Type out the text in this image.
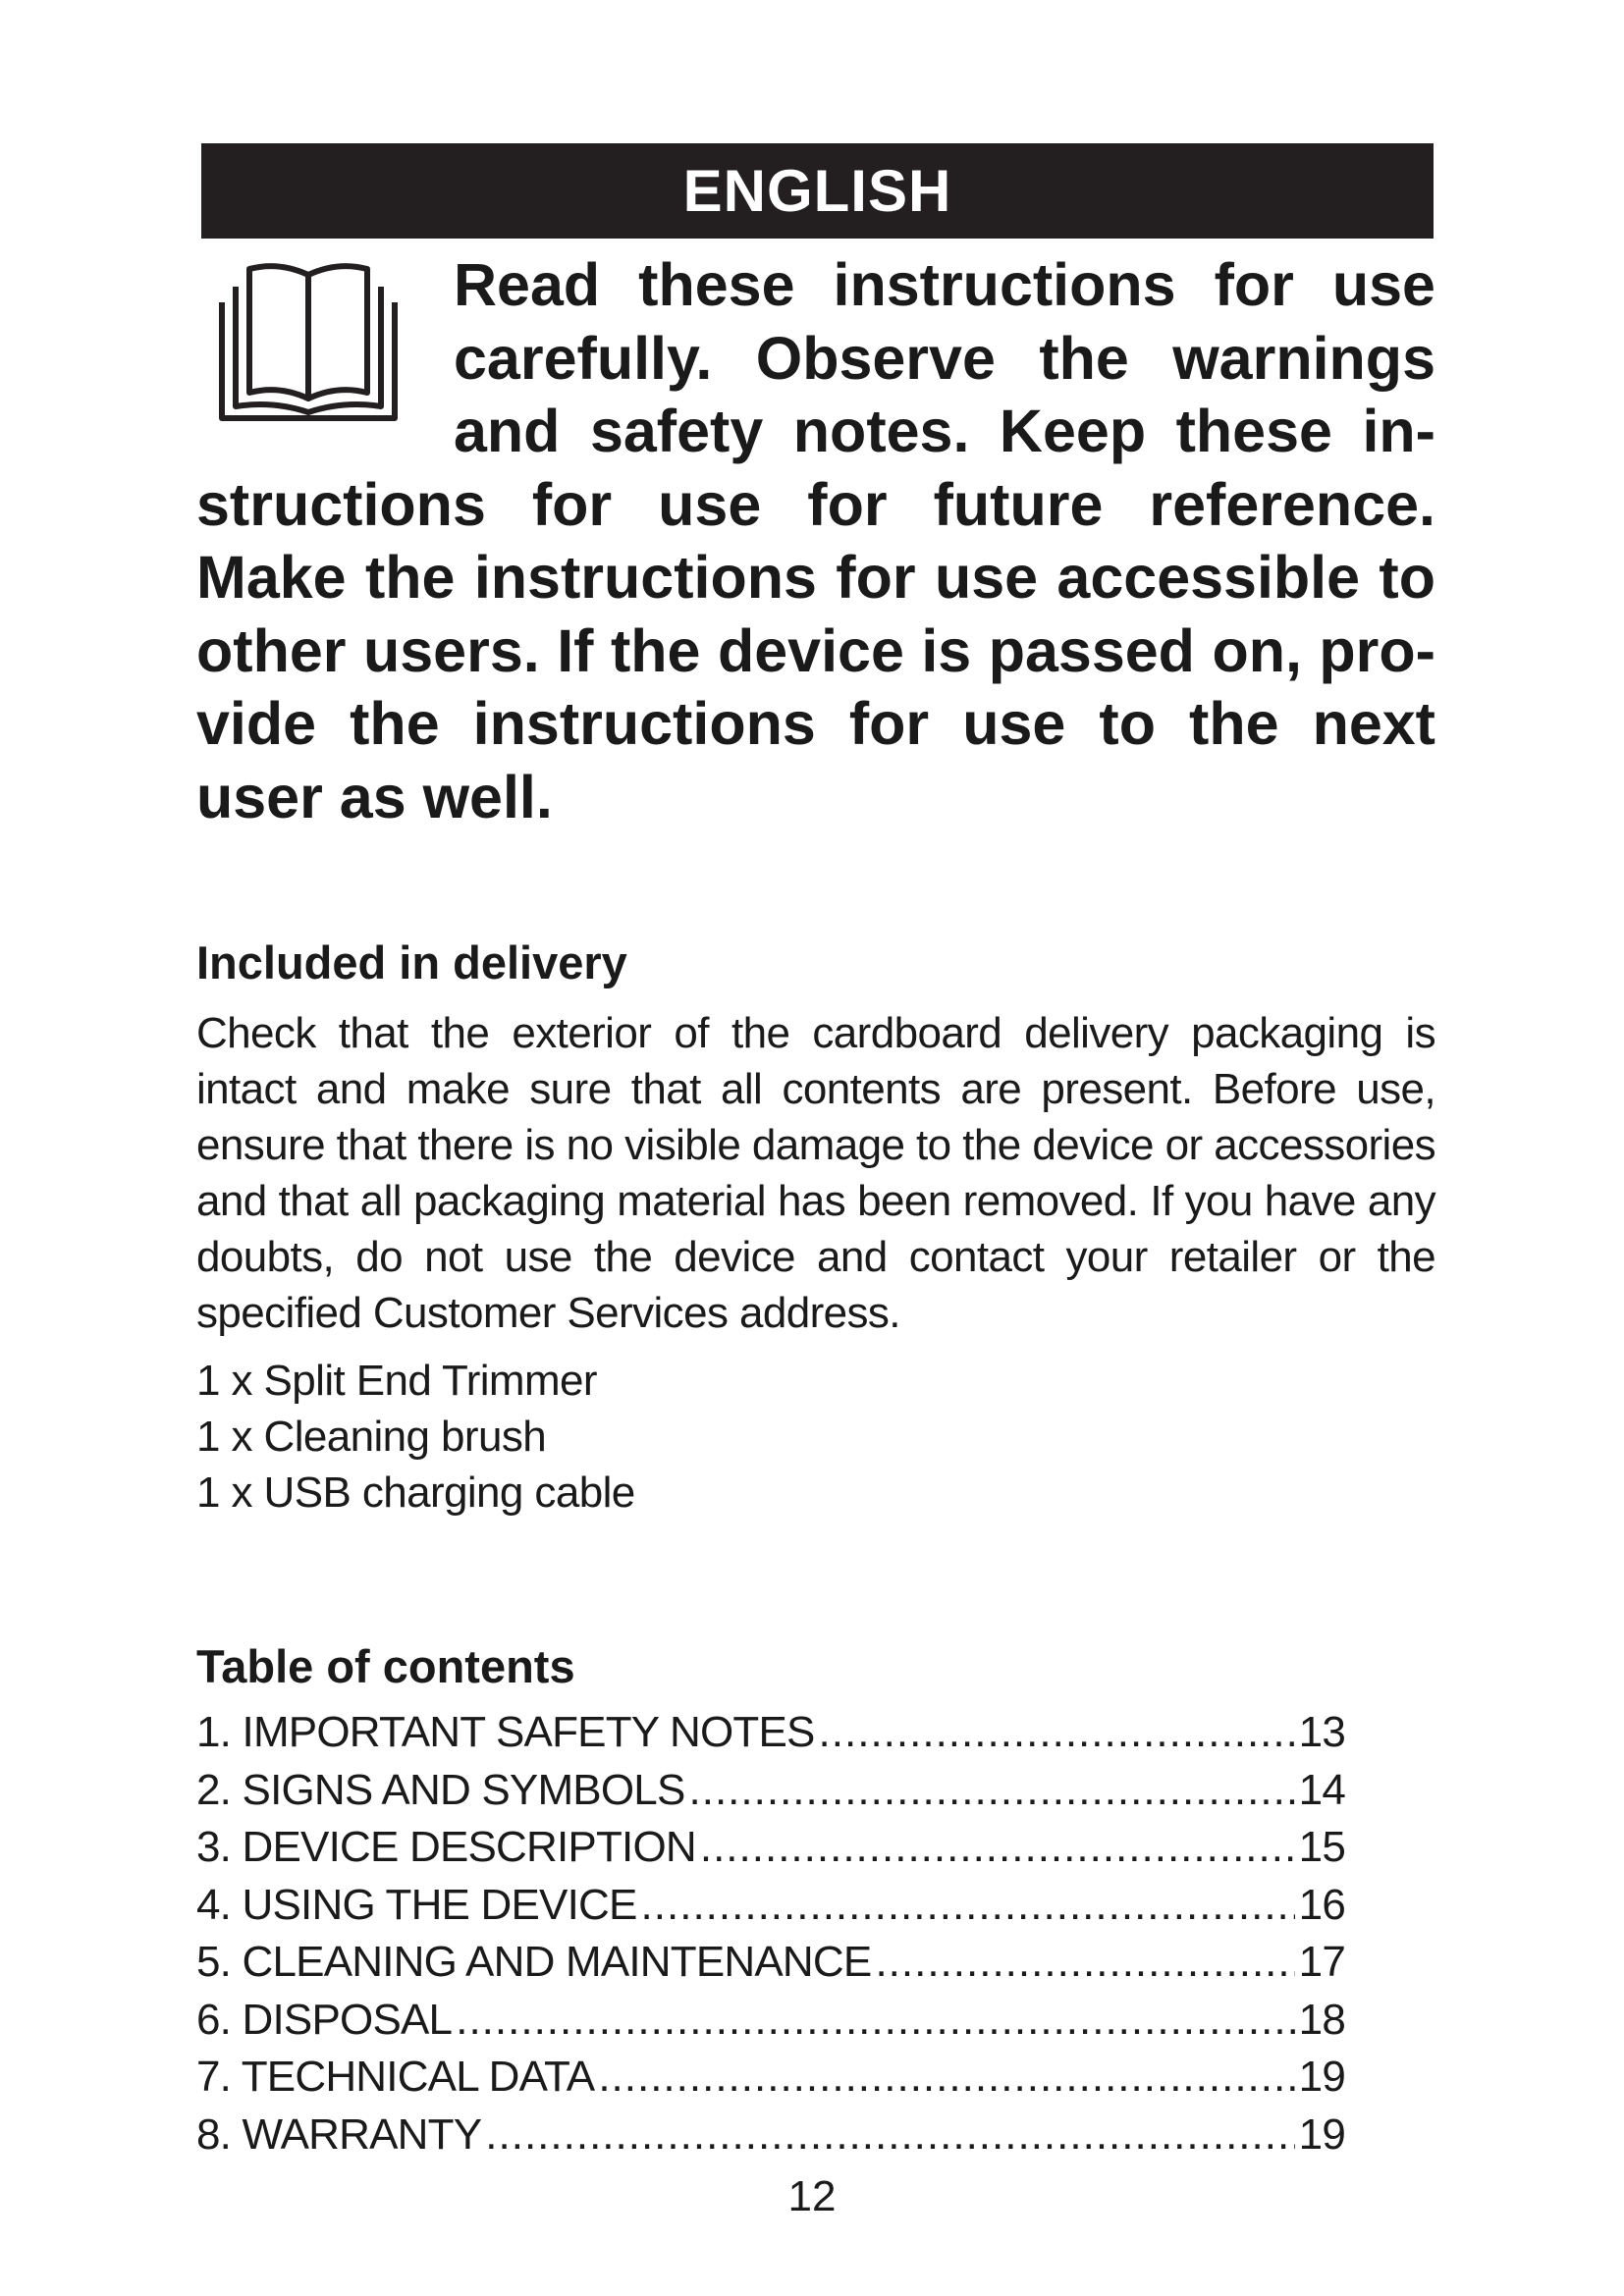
ENGLISH

Read these instructions for use carefully. Observe the warnings and safety notes. Keep these instructions for use for future reference. Make the instructions for use accessible to other users. If the device is passed on, provide the instructions for use to the next user as well.

Included in delivery

Check that the exterior of the cardboard delivery packaging is intact and make sure that all contents are present. Before use, ensure that there is no visible damage to the device or accessories and that all packaging material has been removed. If you have any doubts, do not use the device and contact your retailer or the specified Customer Services address.

1 x Split End Trimmer
1 x Cleaning brush
1 x USB charging cable
Table of contents
1. IMPORTANT SAFETY NOTES .....	13
2. SIGNS AND SYMBOLS .....	14
3. DEVICE DESCRIPTION .....	15
4. USING THE DEVICE .....	16
5. CLEANING AND MAINTENANCE .....	17
6. DISPOSAL .....	18
7. TECHNICAL DATA .....	19
8. WARRANTY .....	19
12
